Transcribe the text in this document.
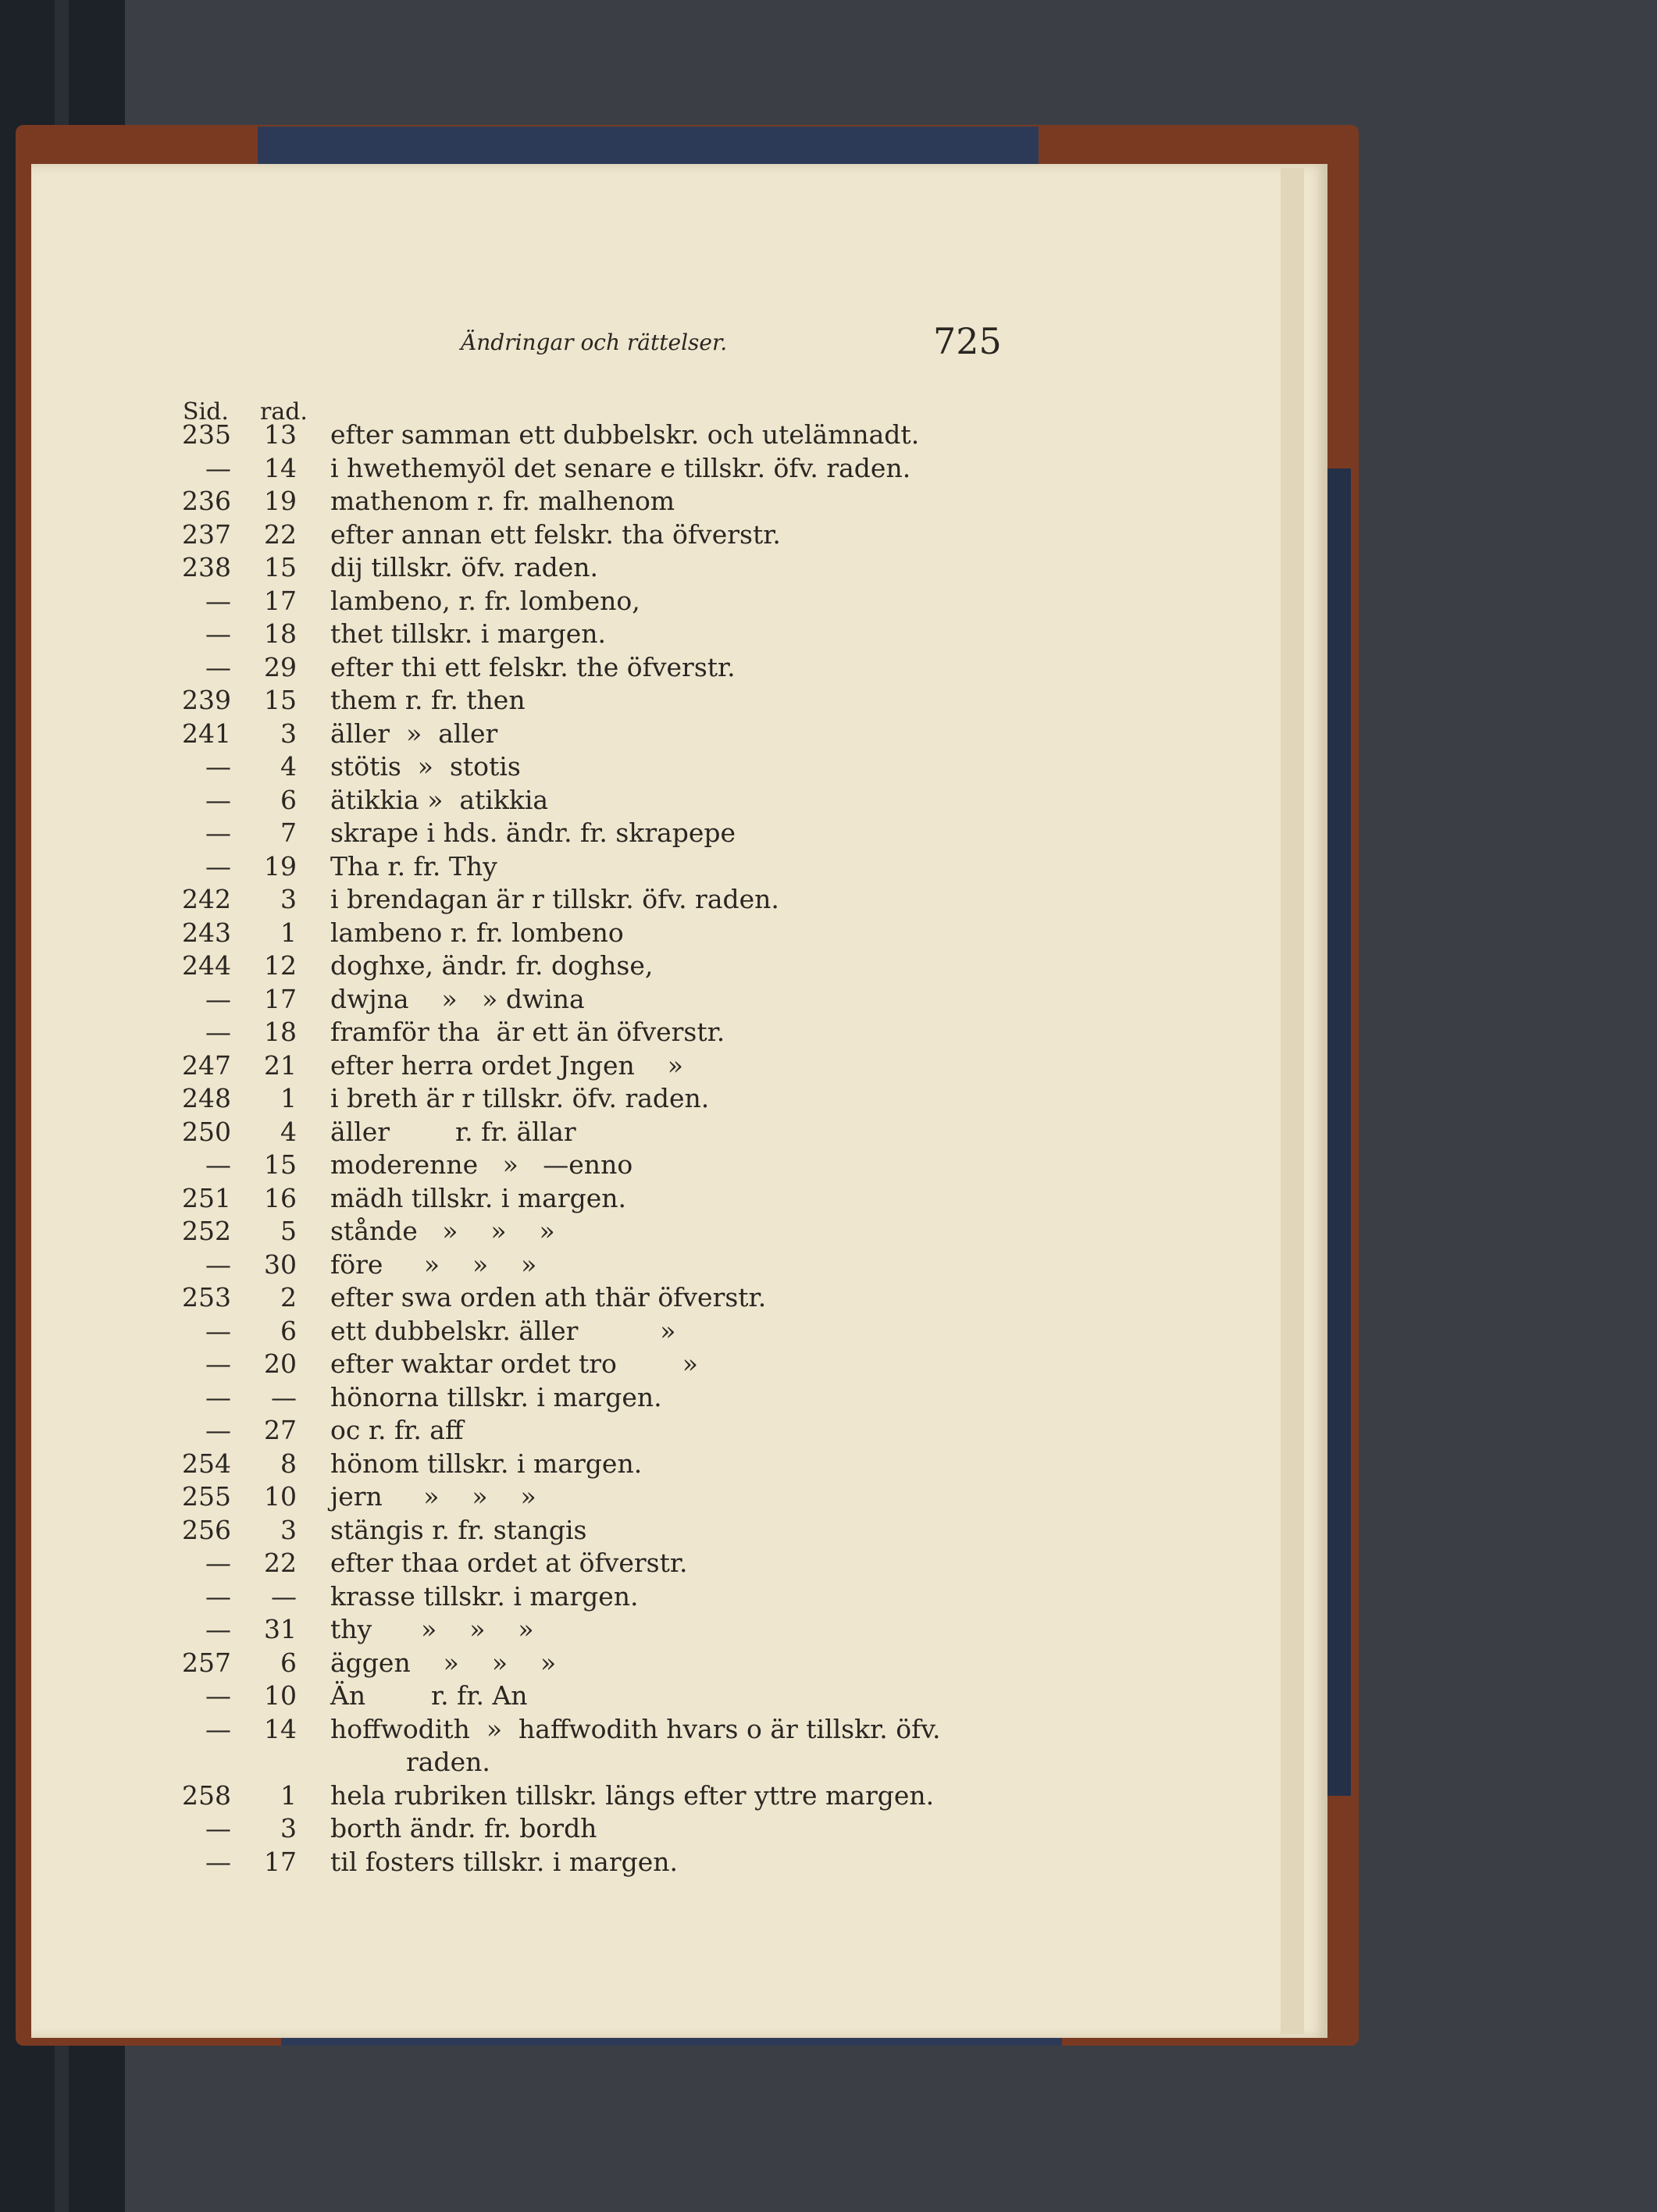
Ändringar och rättelser.	725
Sid. rad.
235 13 efter samman ett dubbelskr. och utelämnadt.
— 14 i hwethemyöl det senare e tillskr. öfv. raden.
236 19 mathenom r. fr. malhenom
237 22 efter annan ett felskr. tha öfverstr.
238 15 dij tillskr. öfv. raden.
— 17 lambeno, r. fr. lombeno,
— 18 thet tillskr. i margen.
— 29 efter thi ett felskr. the öfverstr.
239 15 them r. fr. then
241 3 äller  »  aller
— 4 stötis  »  stotis
— 6 ätikkia »  atikkia
— 7 skrape i hds. ändr. fr. skrapepe
— 19 Tha r. fr. Thy
242 3 i brendagan är r tillskr. öfv. raden.
243 1 lambeno r. fr. lombeno
244 12 doghxe, ändr. fr. doghse,
— 17 dwjna    »   » dwina
— 18 framför tha  är ett än öfverstr.
247 21 efter herra ordet Jngen    »
248 1 i breth är r tillskr. öfv. raden.
250 4 äller        r. fr. ällar
— 15 moderenne   »   —enno
251 16 mädh tillskr. i margen.
252 5 stånde   »    »    »
— 30 före     »    »    »
253 2 efter swa orden ath thär öfverstr.
— 6 ett dubbelskr. äller          »
— 20 efter waktar ordet tro        »
— — hönorna tillskr. i margen.
— 27 oc r. fr. aff
254 8 hönom tillskr. i margen.
255 10 jern     »    »    »
256 3 stängis r. fr. stangis
— 22 efter thaa ordet at öfverstr.
— — krasse tillskr. i margen.
— 31 thy      »    »    »
257 6 äggen    »    »    »
— 10 Än        r. fr. An
— 14 hoffwodith  »  haffwodith hvars o är tillskr. öfv.
raden.
258 1 hela rubriken tillskr. längs efter yttre margen.
— 3 borth ändr. fr. bordh
— 17 til fosters tillskr. i margen.
